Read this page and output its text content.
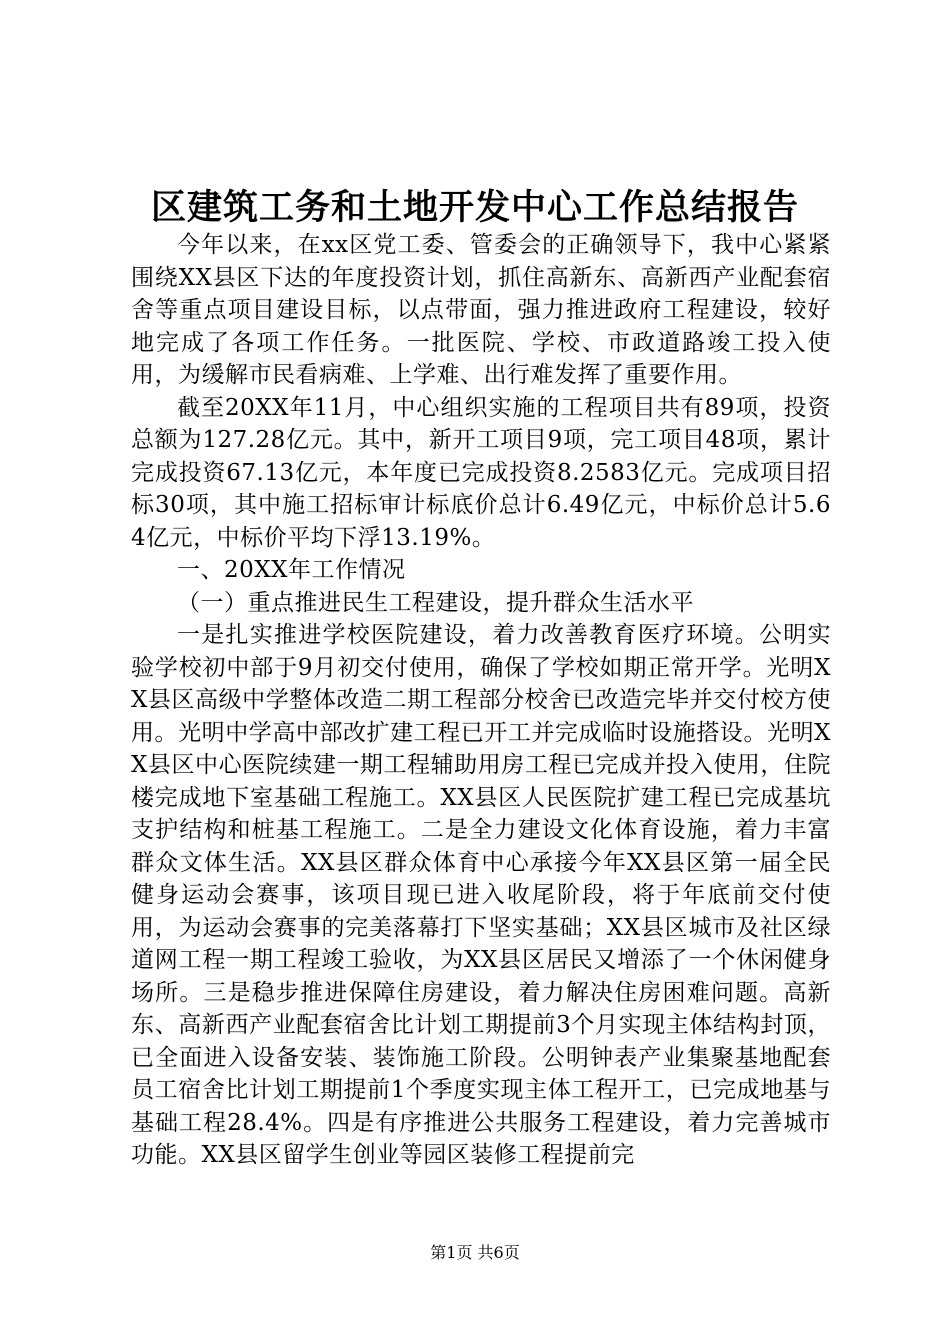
区建筑工务和土地开发中心工作总结报告

今年以来，在xx区党工委、管委会的正确领导下，我中心紧紧围绕XX县区下达的年度投资计划，抓住高新东、高新西产业配套宿舍等重点项目建设目标，以点带面，强力推进政府工程建设，较好地完成了各项工作任务。一批医院、学校、市政道路竣工投入使用，为缓解市民看病难、上学难、出行难发挥了重要作用。

截至20XX年11月，中心组织实施的工程项目共有89项，投资总额为127.28亿元。其中，新开工项目9项，完工项目48项，累计完成投资67.13亿元，本年度已完成投资8.2583亿元。完成项目招标30项，其中施工招标审计标底价总计6.49亿元，中标价总计5.64亿元，中标价平均下浮13.19%。

一、20XX年工作情况

（一）重点推进民生工程建设，提升群众生活水平

一是扎实推进学校医院建设，着力改善教育医疗环境。公明实验学校初中部于9月初交付使用，确保了学校如期正常开学。光明XX县区高级中学整体改造二期工程部分校舍已改造完毕并交付校方使用。光明中学高中部改扩建工程已开工并完成临时设施搭设。光明XX县区中心医院续建一期工程辅助用房工程已完成并投入使用，住院楼完成地下室基础工程施工。XX县区人民医院扩建工程已完成基坑支护结构和桩基工程施工。二是全力建设文化体育设施，着力丰富群众文体生活。XX县区群众体育中心承接今年XX县区第一届全民健身运动会赛事，该项目现已进入收尾阶段，将于年底前交付使用，为运动会赛事的完美落幕打下坚实基础；XX县区城市及社区绿道网工程一期工程竣工验收，为XX县区居民又增添了一个休闲健身场所。三是稳步推进保障住房建设，着力解决住房困难问题。高新东、高新西产业配套宿舍比计划工期提前3个月实现主体结构封顶，已全面进入设备安装、装饰施工阶段。公明钟表产业集聚基地配套员工宿舍比计划工期提前1个季度实现主体工程开工，已完成地基与基础工程28.4%。四是有序推进公共服务工程建设，着力完善城市功能。XX县区留学生创业等园区装修工程提前完

第1页 共6页
